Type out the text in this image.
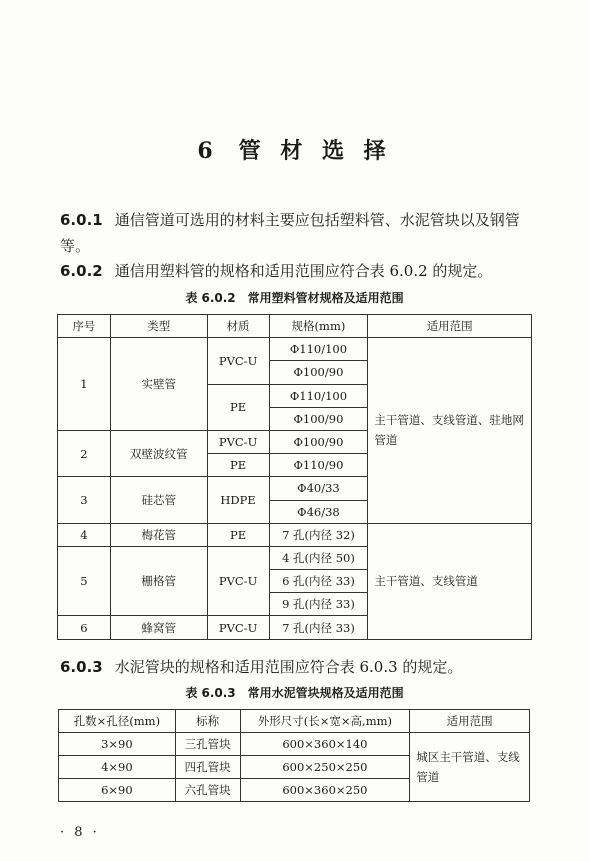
6 管 材 选 择
6.0.1 通信管道可选用的材料主要应包括塑料管、水泥管块以及钢管等。
6.0.2 通信用塑料管的规格和适用范围应符合表 6.0.2 的规定。
表 6.0.2 常用塑料管材规格及适用范围
序号	类型	材质	规格(mm)	适用范围
1	实壁管	PVC-U	Φ110/100	主干管道、支线管道、驻地网管道
			Φ100/90	
		PE	Φ110/100	
			Φ100/90	
2	双壁波纹管	PVC-U	Φ100/90	
		PE	Φ110/90	
3	硅芯管	HDPE	Φ40/33	
			Φ46/38	
4	梅花管	PE	7 孔(内径 32)	主干管道、支线管道
5	栅格管	PVC-U	4 孔(内径 50)	
			6 孔(内径 33)	
			9 孔(内径 33)	
6	蜂窝管	PVC-U	7 孔(内径 33)	
6.0.3 水泥管块的规格和适用范围应符合表 6.0.3 的规定。
表 6.0.3 常用水泥管块规格及适用范围
孔数×孔径(mm)	标称	外形尺寸(长×宽×高,mm)	适用范围
3×90	三孔管块	600×360×140	城区主干管道、支线管道
4×90	四孔管块	600×250×250	
6×90	六孔管块	600×360×250	
· 8 ·
